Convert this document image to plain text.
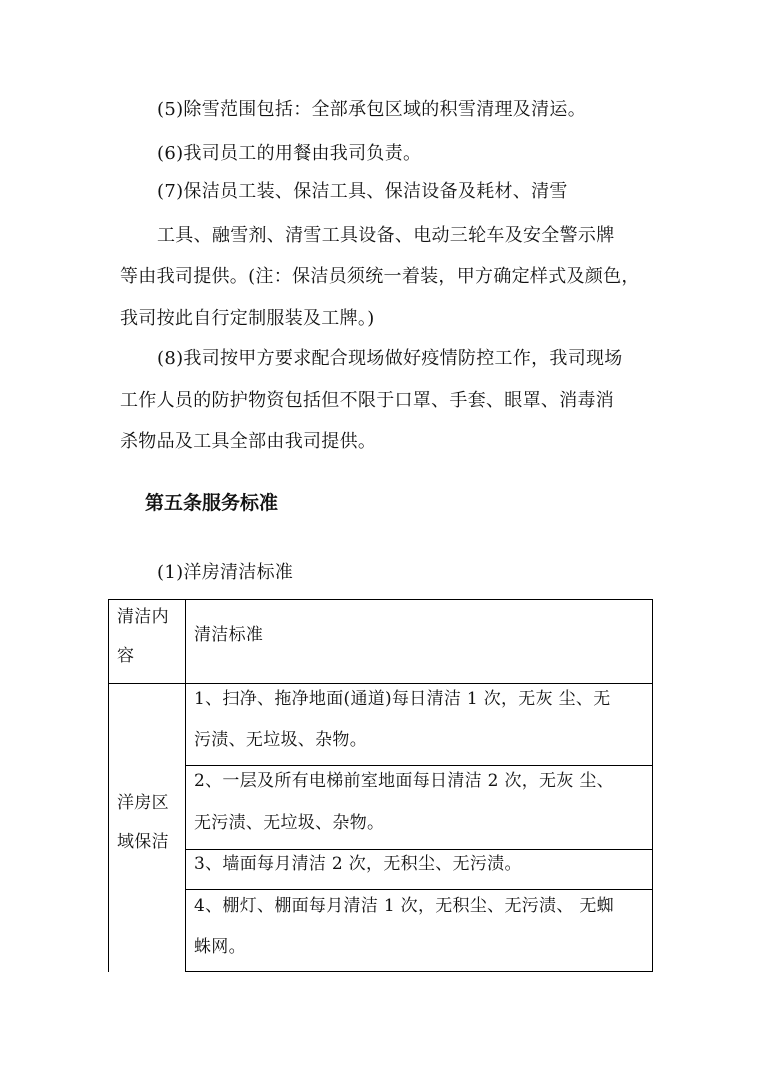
(5)除雪范围包括：全部承包区域的积雪清理及清运。
(6)我司员工的用餐由我司负责。
(7)保洁员工装、保洁工具、保洁设备及耗材、清雪
工具、融雪剂、清雪工具设备、电动三轮车及安全警示牌
等由我司提供。(注：保洁员须统一着装，甲方确定样式及颜色，
我司按此自行定制服装及工牌。)
(8)我司按甲方要求配合现场做好疫情防控工作，我司现场
工作人员的防护物资包括但不限于口罩、手套、眼罩、消毒消
杀物品及工具全部由我司提供。
第五条服务标准
(1)洋房清洁标准
清洁内
容
清洁标准
洋房区
域保洁
1、扫净、拖净地面(通道)每日清洁 1 次，无灰 尘、无
污渍、无垃圾、杂物。
2、一层及所有电梯前室地面每日清洁 2 次，无灰 尘、
无污渍、无垃圾、杂物。
3、墙面每月清洁 2 次，无积尘、无污渍。
4、棚灯、棚面每月清洁 1 次，无积尘、无污渍、 无蜘
蛛网。
